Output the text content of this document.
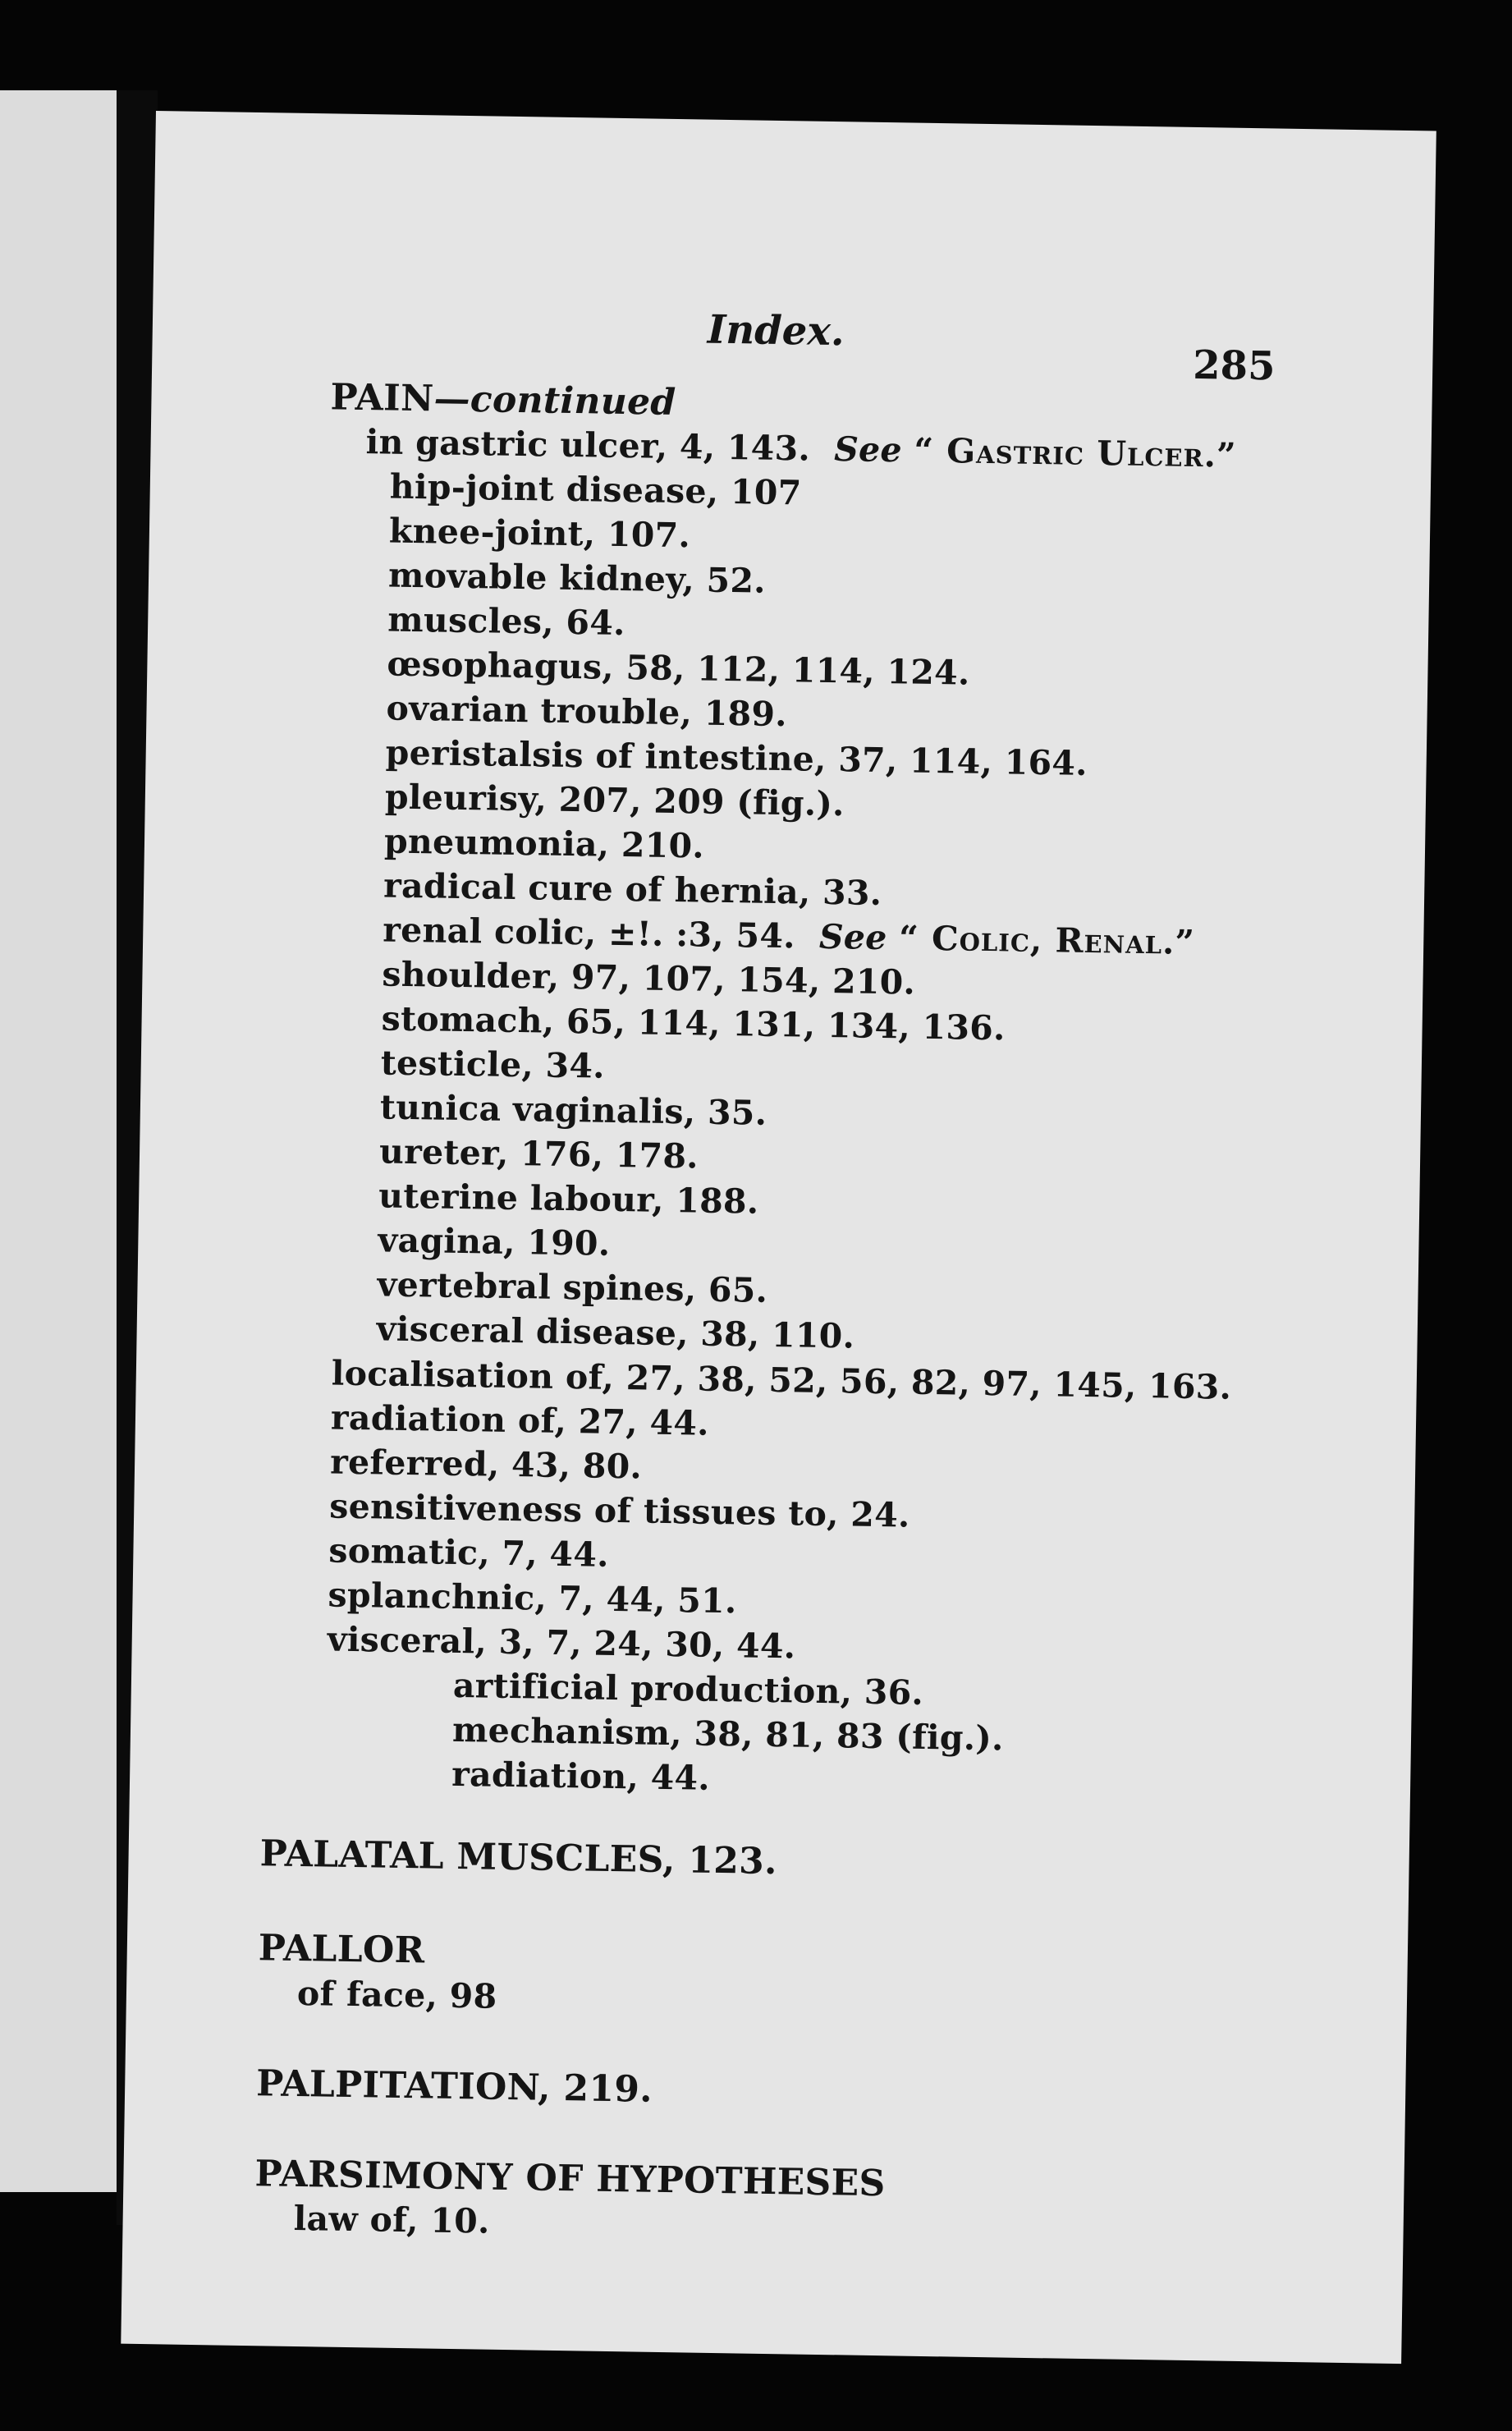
Index.
285
PAIN—continued
in gastric ulcer, 4, 143. See “ Gastric Ulcer.”
hip-joint disease, 107
knee-joint, 107.
movable kidney, 52.
muscles, 64.
œsophagus, 58, 112, 114, 124.
ovarian trouble, 189.
peristalsis of intestine, 37, 114, 164.
pleurisy, 207, 209 (fig.).
pneumonia, 210.
radical cure of hernia, 33.
renal colic, ±!. :3, 54. See “ Colic, Renal.”
shoulder, 97, 107, 154, 210.
stomach, 65, 114, 131, 134, 136.
testicle, 34.
tunica vaginalis, 35.
ureter, 176, 178.
uterine labour, 188.
vagina, 190.
vertebral spines, 65.
visceral disease, 38, 110.
localisation of, 27, 38, 52, 56, 82, 97, 145, 163.
radiation of, 27, 44.
referred, 43, 80.
sensitiveness of tissues to, 24.
somatic, 7, 44.
splanchnic, 7, 44, 51.
visceral, 3, 7, 24, 30, 44.
artificial production, 36.
mechanism, 38, 81, 83 (fig.).
radiation, 44.
PALATAL MUSCLES, 123.
PALLOR
of face, 98
PALPITATION, 219.
PARSIMONY OF HYPOTHESES
law of, 10.
